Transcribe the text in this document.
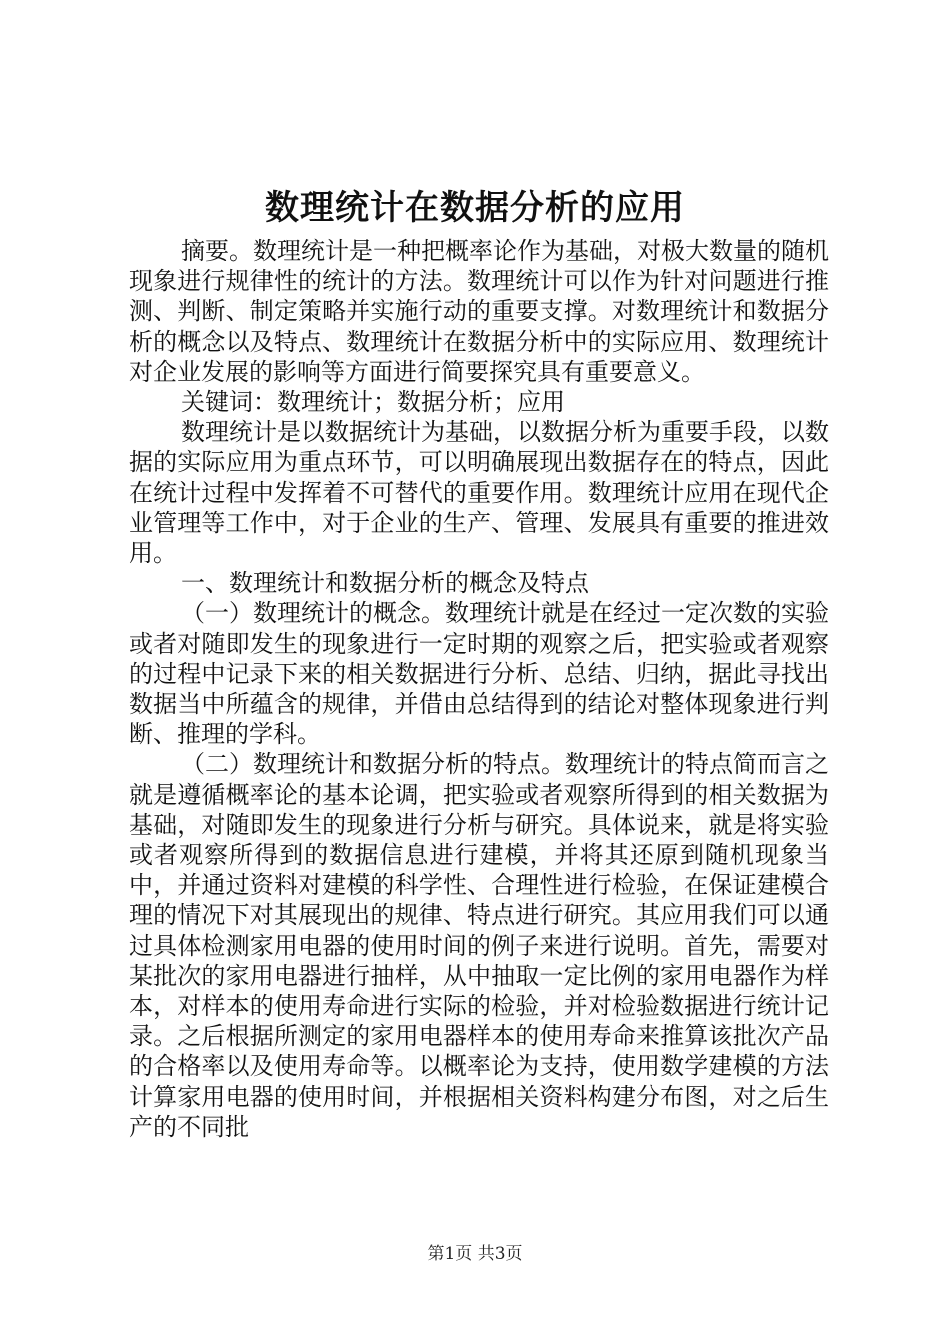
数理统计在数据分析的应用

摘要。数理统计是一种把概率论作为基础，对极大数量的随机现象进行规律性的统计的方法。数理统计可以作为针对问题进行推测、判断、制定策略并实施行动的重要支撑。对数理统计和数据分析的概念以及特点、数理统计在数据分析中的实际应用、数理统计对企业发展的影响等方面进行简要探究具有重要意义。

关键词：数理统计；数据分析；应用

数理统计是以数据统计为基础，以数据分析为重要手段，以数据的实际应用为重点环节，可以明确展现出数据存在的特点，因此在统计过程中发挥着不可替代的重要作用。数理统计应用在现代企业管理等工作中，对于企业的生产、管理、发展具有重要的推进效用。

一、数理统计和数据分析的概念及特点

（一）数理统计的概念。数理统计就是在经过一定次数的实验或者对随即发生的现象进行一定时期的观察之后，把实验或者观察的过程中记录下来的相关数据进行分析、总结、归纳，据此寻找出数据当中所蕴含的规律，并借由总结得到的结论对整体现象进行判断、推理的学科。

（二）数理统计和数据分析的特点。数理统计的特点简而言之就是遵循概率论的基本论调，把实验或者观察所得到的相关数据为基础，对随即发生的现象进行分析与研究。具体说来，就是将实验或者观察所得到的数据信息进行建模，并将其还原到随机现象当中，并通过资料对建模的科学性、合理性进行检验，在保证建模合理的情况下对其展现出的规律、特点进行研究。其应用我们可以通过具体检测家用电器的使用时间的例子来进行说明。首先，需要对某批次的家用电器进行抽样，从中抽取一定比例的家用电器作为样本，对样本的使用寿命进行实际的检验，并对检验数据进行统计记录。之后根据所测定的家用电器样本的使用寿命来推算该批次产品的合格率以及使用寿命等。以概率论为支持，使用数学建模的方法计算家用电器的使用时间，并根据相关资料构建分布图，对之后生产的不同批

第1页 共3页
